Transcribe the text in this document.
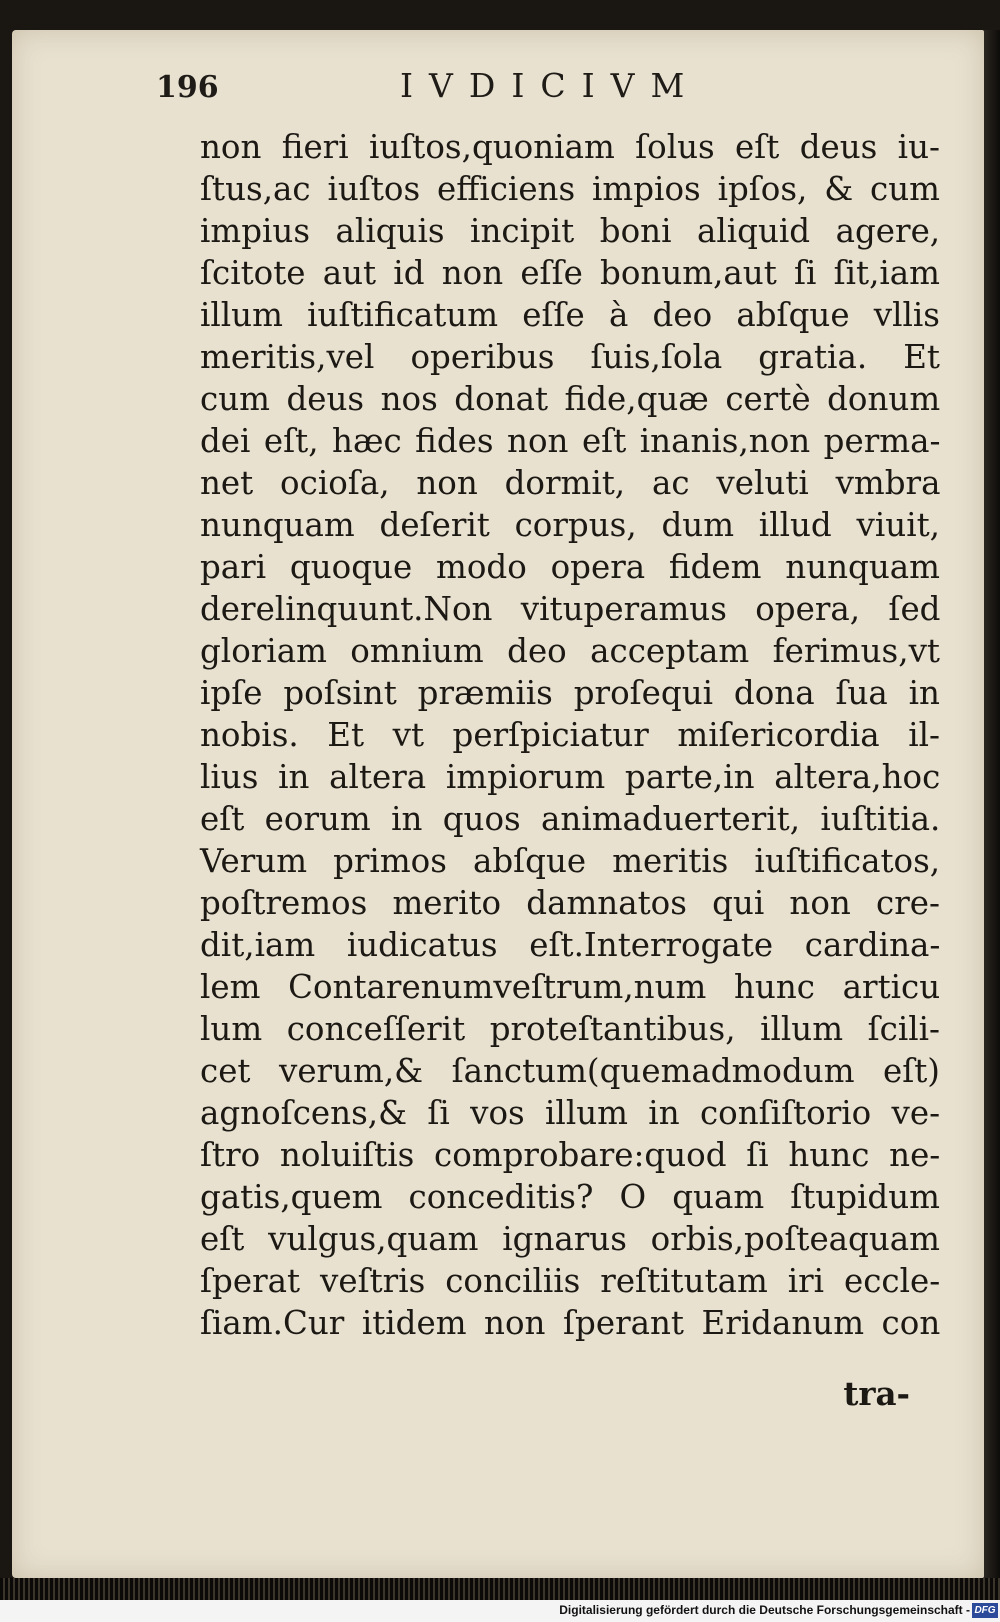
196	IVDICIVM
non fieri iuſtos,quoniam ſolus eſt deus iu-
ſtus,ac iuſtos efficiens impios ipſos, & cum
impius aliquis incipit boni aliquid agere,
ſcitote aut id non eſſe bonum,aut ſi ſit,iam
illum iuſtificatum eſſe à deo abſque vllis
meritis,vel operibus ſuis,ſola gratia. Et
cum deus nos donat fide,quæ certè donum
dei eſt, hæc fides non eſt inanis,non perma-
net ocioſa, non dormit, ac veluti vmbra
nunquam deſerit corpus, dum illud viuit,
pari quoque modo opera fidem nunquam
derelinquunt.Non vituperamus opera, ſed
gloriam omnium deo acceptam ferimus,vt
ipſe poſsint præmiis proſequi dona ſua in
nobis. Et vt perſpiciatur miſericordia il-
lius in altera impiorum parte,in altera,hoc
eſt eorum in quos animaduerterit, iuſtitia.
Verum primos abſque meritis iuſtificatos,
poſtremos merito damnatos qui non cre-
dit,iam iudicatus eſt.Interrogate cardina-
lem Contarenumveſtrum,num hunc articu
lum conceſſerit proteſtantibus, illum ſcili-
cet verum,& ſanctum(quemadmodum eſt)
agnoſcens,& ſi vos illum in conſiſtorio ve-
ſtro noluiſtis comprobare:quod ſi hunc ne-
gatis,quem conceditis? O quam ſtupidum
eſt vulgus,quam ignarus orbis,poſteaquam
ſperat veſtris conciliis reſtitutam iri eccle-
ſiam.Cur itidem non ſperant Eridanum con
tra-
Digitalisierung gefördert durch die Deutsche Forschungsgemeinschaft - DFG
